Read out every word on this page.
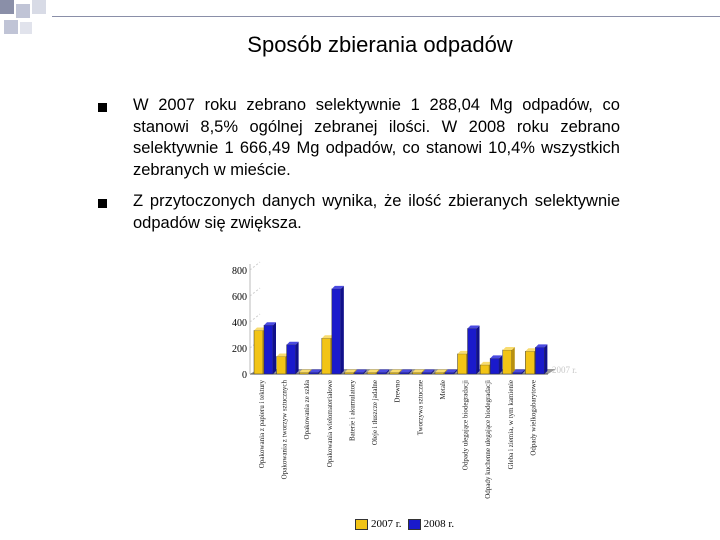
Sposób zbierania odpadów
W 2007 roku zebrano selektywnie 1 288,04 Mg odpadów, co stanowi 8,5% ogólnej zebranej ilości. W 2008 roku zebrano selektywnie 1 666,49 Mg odpadów, co stanowi 10,4% wszystkich zebranych w mieście.
Z przytoczonych danych wynika, że ilość zbieranych selektywnie odpadów się zwiększa.
800
600
400
200
0
Opakowania z papieru i tektury Opakowania z tworzyw sztucznych Opakowania ze szkła Opakowania wielomateriałowe Baterie i akumulatory Oleje i tłuszcze jadalne Drewno Tworzywa sztuczne Metale Odpady ulegające biodegradacji Odpady kuchenne ulegające biodegradacji Gleba i ziemia, w tym kamienie Odpady wielkogabarytowe
2007 r.
2007 r.	2008 r.
